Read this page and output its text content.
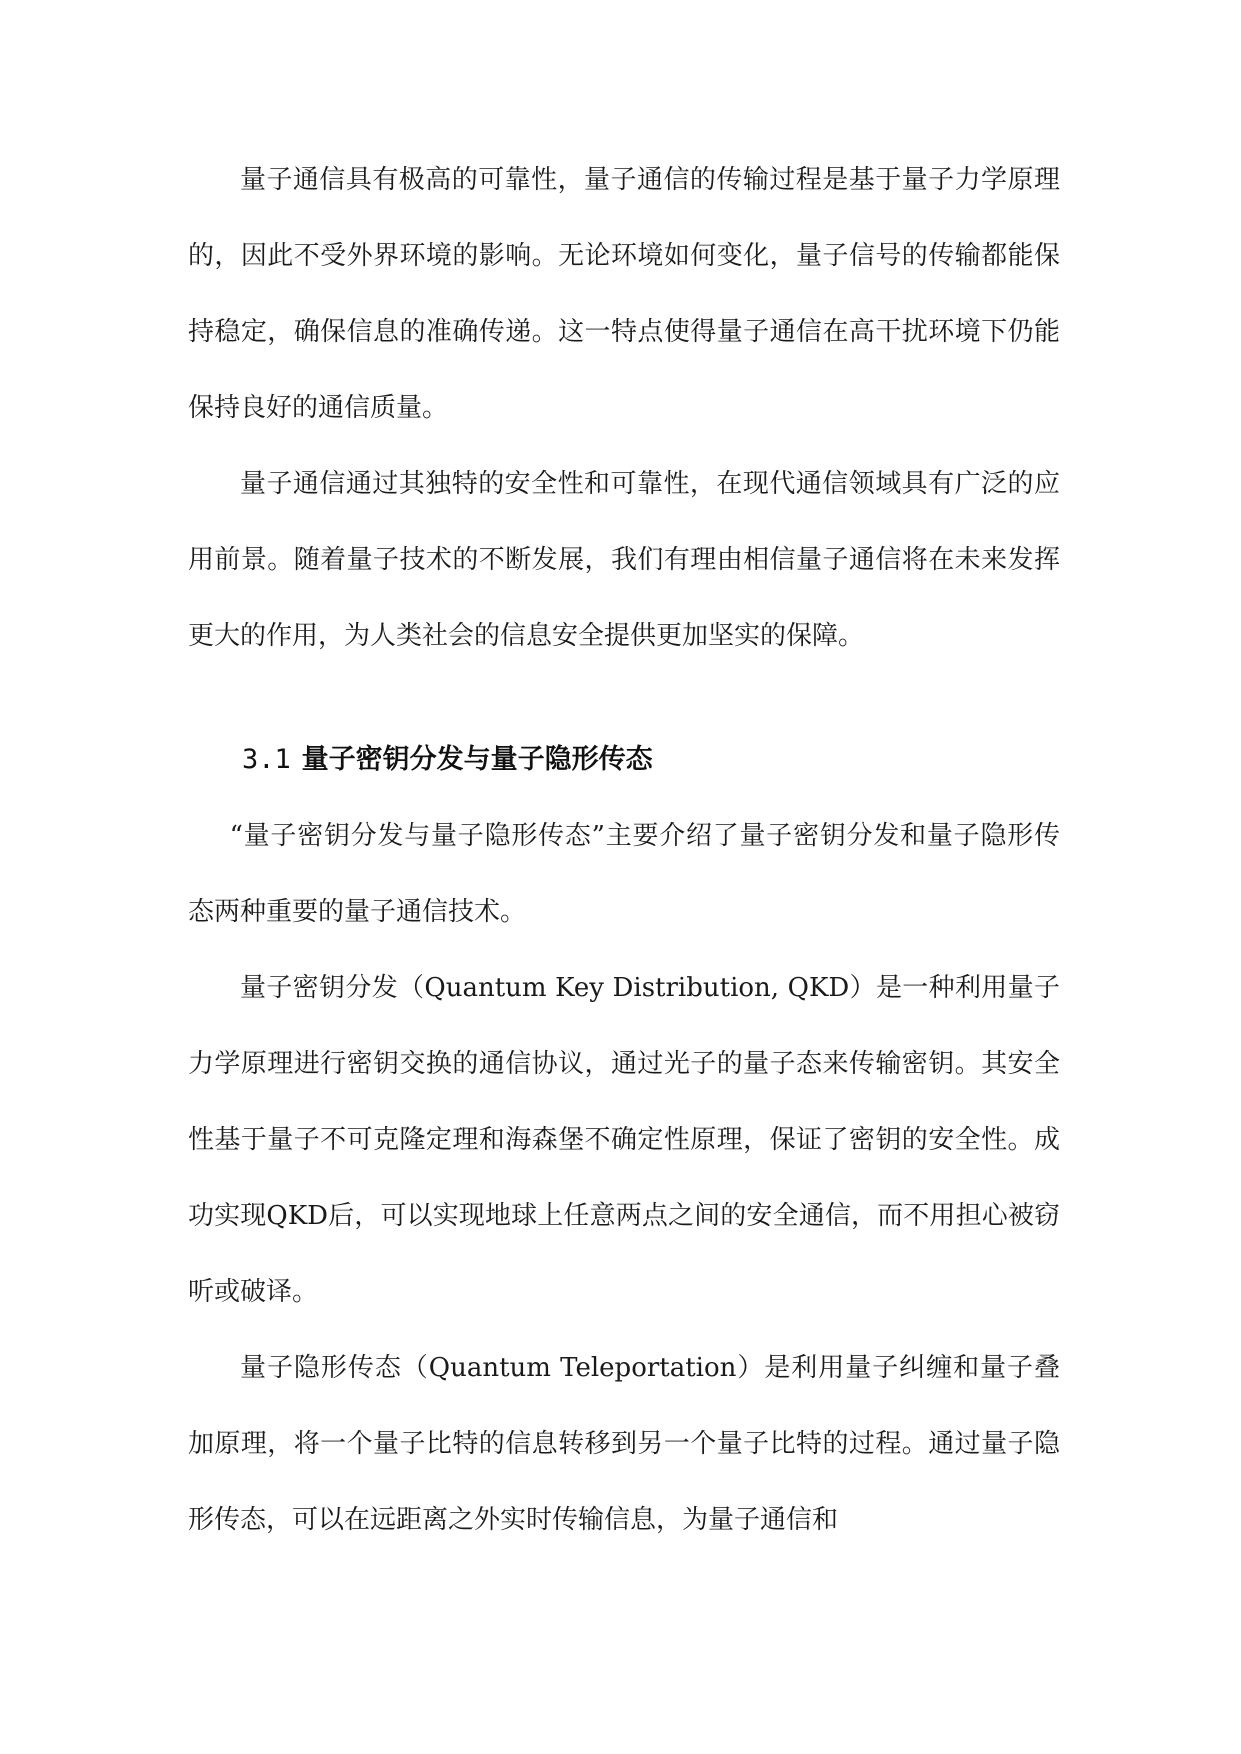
量子通信具有极高的可靠性，量子通信的传输过程是基于量子力学原理的，因此不受外界环境的影响。无论环境如何变化，量子信号的传输都能保持稳定，确保信息的准确传递。这一特点使得量子通信在高干扰环境下仍能保持良好的通信质量。

量子通信通过其独特的安全性和可靠性，在现代通信领域具有广泛的应用前景。随着量子技术的不断发展，我们有理由相信量子通信将在未来发挥更大的作用，为人类社会的信息安全提供更加坚实的保障。

3.1 量子密钥分发与量子隐形传态

“量子密钥分发与量子隐形传态”主要介绍了量子密钥分发和量子隐形传态两种重要的量子通信技术。

量子密钥分发（Quantum Key Distribution, QKD）是一种利用量子力学原理进行密钥交换的通信协议，通过光子的量子态来传输密钥。其安全性基于量子不可克隆定理和海森堡不确定性原理，保证了密钥的安全性。成功实现QKD后，可以实现地球上任意两点之间的安全通信，而不用担心被窃听或破译。

量子隐形传态（Quantum Teleportation）是利用量子纠缠和量子叠加原理，将一个量子比特的信息转移到另一个量子比特的过程。通过量子隐形传态，可以在远距离之外实时传输信息，为量子通信和
